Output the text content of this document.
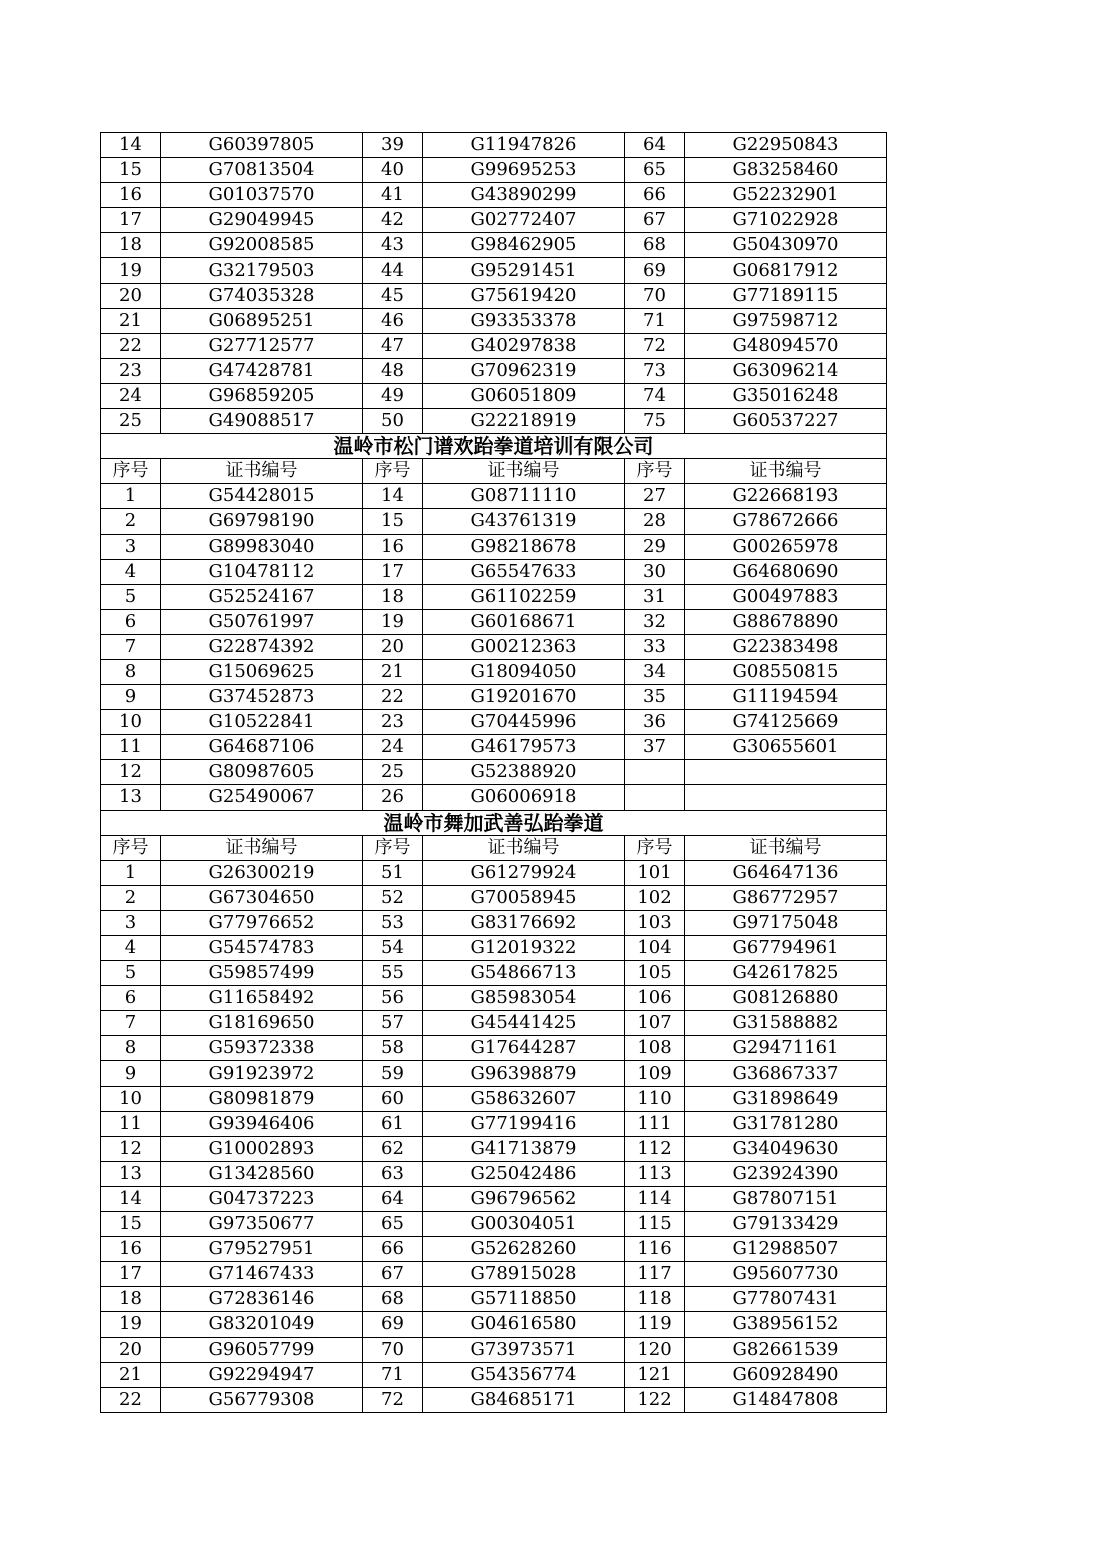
14	G60397805	39	G11947826	64	G22950843
15	G70813504	40	G99695253	65	G83258460
16	G01037570	41	G43890299	66	G52232901
17	G29049945	42	G02772407	67	G71022928
18	G92008585	43	G98462905	68	G50430970
19	G32179503	44	G95291451	69	G06817912
20	G74035328	45	G75619420	70	G77189115
21	G06895251	46	G93353378	71	G97598712
22	G27712577	47	G40297838	72	G48094570
23	G47428781	48	G70962319	73	G63096214
24	G96859205	49	G06051809	74	G35016248
25	G49088517	50	G22218919	75	G60537227
温岭市松门谱欢跆拳道培训有限公司					
序号	证书编号	序号	证书编号	序号	证书编号
1	G54428015	14	G08711110	27	G22668193
2	G69798190	15	G43761319	28	G78672666
3	G89983040	16	G98218678	29	G00265978
4	G10478112	17	G65547633	30	G64680690
5	G52524167	18	G61102259	31	G00497883
6	G50761997	19	G60168671	32	G88678890
7	G22874392	20	G00212363	33	G22383498
8	G15069625	21	G18094050	34	G08550815
9	G37452873	22	G19201670	35	G11194594
10	G10522841	23	G70445996	36	G74125669
11	G64687106	24	G46179573	37	G30655601
12	G80987605	25	G52388920		
13	G25490067	26	G06006918		
温岭市舞加武善弘跆拳道					
序号	证书编号	序号	证书编号	序号	证书编号
1	G26300219	51	G61279924	101	G64647136
2	G67304650	52	G70058945	102	G86772957
3	G77976652	53	G83176692	103	G97175048
4	G54574783	54	G12019322	104	G67794961
5	G59857499	55	G54866713	105	G42617825
6	G11658492	56	G85983054	106	G08126880
7	G18169650	57	G45441425	107	G31588882
8	G59372338	58	G17644287	108	G29471161
9	G91923972	59	G96398879	109	G36867337
10	G80981879	60	G58632607	110	G31898649
11	G93946406	61	G77199416	111	G31781280
12	G10002893	62	G41713879	112	G34049630
13	G13428560	63	G25042486	113	G23924390
14	G04737223	64	G96796562	114	G87807151
15	G97350677	65	G00304051	115	G79133429
16	G79527951	66	G52628260	116	G12988507
17	G71467433	67	G78915028	117	G95607730
18	G72836146	68	G57118850	118	G77807431
19	G83201049	69	G04616580	119	G38956152
20	G96057799	70	G73973571	120	G82661539
21	G92294947	71	G54356774	121	G60928490
22	G56779308	72	G84685171	122	G14847808
